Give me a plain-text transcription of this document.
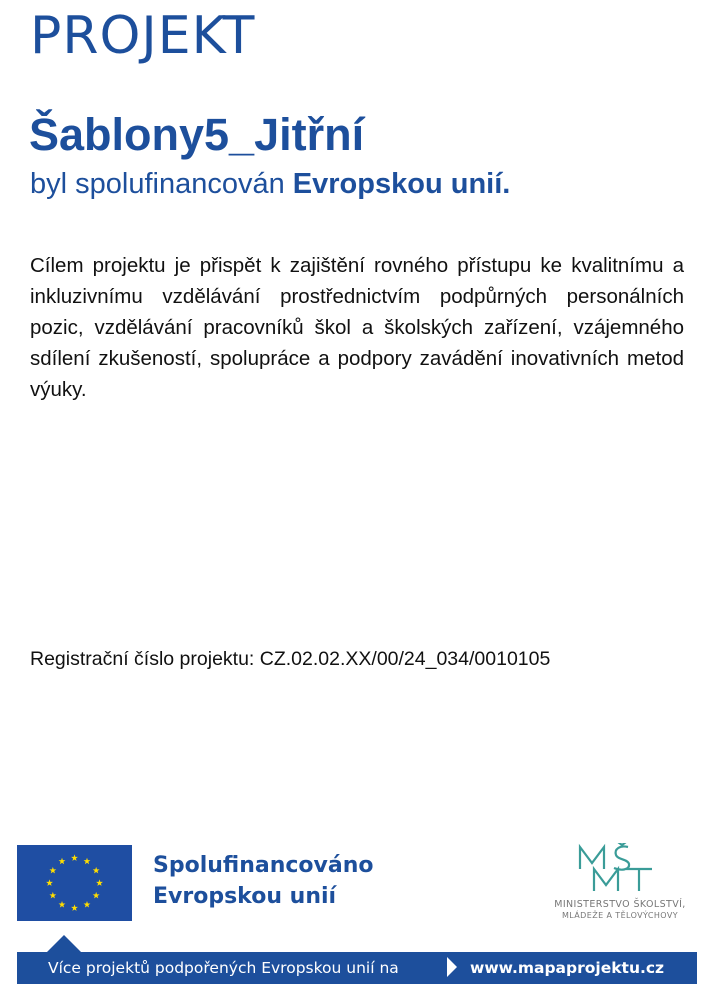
PROJEKT
Šablony5_Jitřní
byl spolufinancován Evropskou unií.
Cílem projektu je přispět k zajištění rovného přístupu ke kvalitnímu a inkluzivnímu vzdělávání prostřednictvím podpůrných personálních pozic, vzdělávání pracovníků škol a školských zařízení, vzájemného sdílení zkušeností, spolupráce a podpory zavádění inovativních metod výuky.
Registrační číslo projektu: CZ.02.02.XX/00/24_034/0010105
Spolufinancováno
Evropskou unií	MINISTERSTVO ŠKOLSTVÍ,
MLÁDEŽE A TĚLOVÝCHOVY
Více projektů podpořených Evropskou unií na	www.mapaprojektu.cz
